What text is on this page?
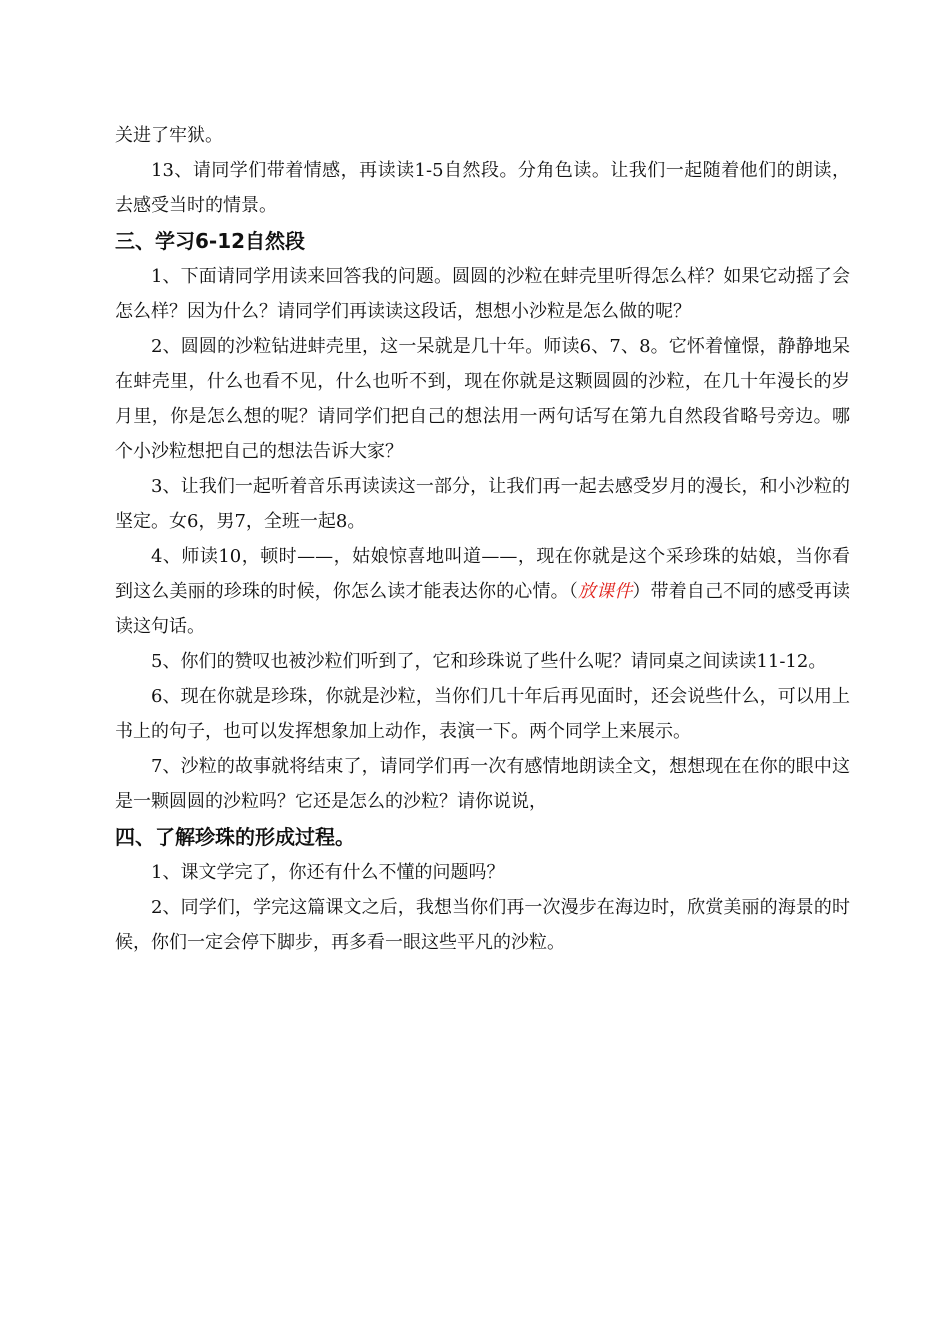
关进了牢狱。

13、请同学们带着情感，再读读1-5自然段。分角色读。让我们一起随着他们的朗读，去感受当时的情景。

三、学习6-12自然段

1、下面请同学用读来回答我的问题。圆圆的沙粒在蚌壳里听得怎么样？如果它动摇了会怎么样？因为什么？请同学们再读读这段话，想想小沙粒是怎么做的呢？

2、圆圆的沙粒钻进蚌壳里，这一呆就是几十年。师读6、7、8。它怀着憧憬，静静地呆在蚌壳里，什么也看不见，什么也听不到，现在你就是这颗圆圆的沙粒，在几十年漫长的岁月里，你是怎么想的呢？请同学们把自己的想法用一两句话写在第九自然段省略号旁边。哪个小沙粒想把自己的想法告诉大家？

3、让我们一起听着音乐再读读这一部分，让我们再一起去感受岁月的漫长，和小沙粒的坚定。女6，男7，全班一起8。

4、师读10，顿时——，姑娘惊喜地叫道——，现在你就是这个采珍珠的姑娘，当你看到这么美丽的珍珠的时候，你怎么读才能表达你的心情。（放课件）带着自己不同的感受再读读这句话。

5、你们的赞叹也被沙粒们听到了，它和珍珠说了些什么呢？请同桌之间读读11-12。

6、现在你就是珍珠，你就是沙粒，当你们几十年后再见面时，还会说些什么，可以用上书上的句子，也可以发挥想象加上动作，表演一下。两个同学上来展示。

7、沙粒的故事就将结束了，请同学们再一次有感情地朗读全文，想想现在在你的眼中这是一颗圆圆的沙粒吗？它还是怎么的沙粒？请你说说，

四、了解珍珠的形成过程。

1、课文学完了，你还有什么不懂的问题吗？

2、同学们，学完这篇课文之后，我想当你们再一次漫步在海边时，欣赏美丽的海景的时候，你们一定会停下脚步，再多看一眼这些平凡的沙粒。
